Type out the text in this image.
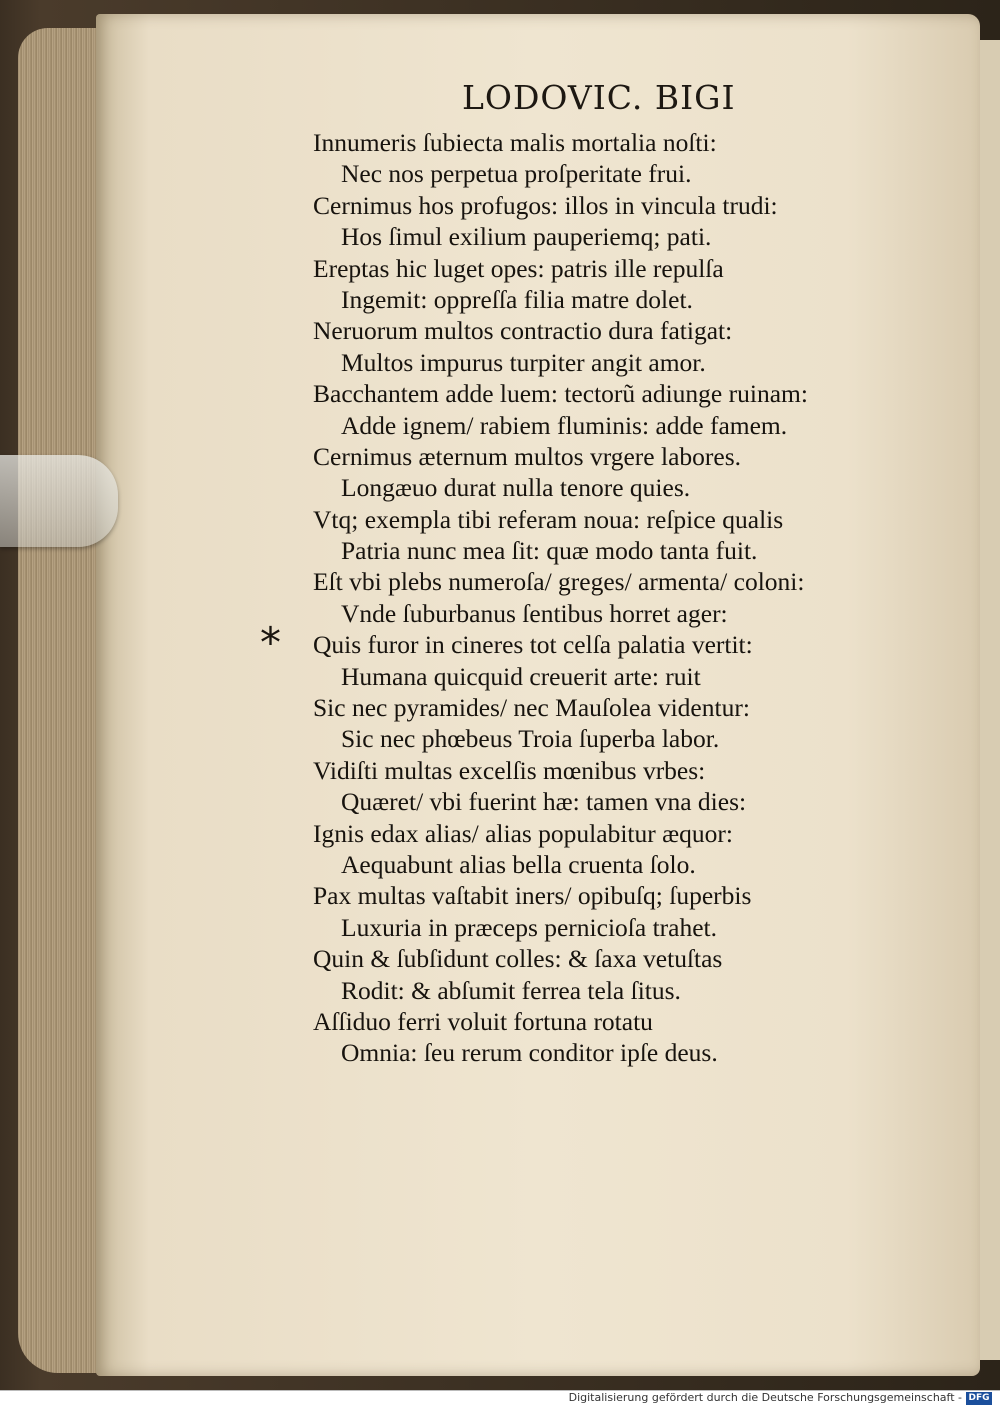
LODOVIC. BIGI
*
Innumeris ſubiecta malis mortalia noſti:
Nec nos perpetua proſperitate frui.
Cernimus hos profugos: illos in vincula trudi:
Hos ſimul exilium pauperiemq; pati.
Ereptas hic luget opes: patris ille repulſa
Ingemit: oppreſſa filia matre dolet.
Neruorum multos contractio dura fatigat:
Multos impurus turpiter angit amor.
Bacchantem adde luem: tectorũ adiunge ruinam:
Adde ignem/ rabiem fluminis: adde famem.
Cernimus æternum multos vrgere labores.
Longæuo durat nulla tenore quies.
Vtq; exempla tibi referam noua: reſpice qualis
Patria nunc mea ſit: quæ modo tanta fuit.
Eſt vbi plebs numeroſa/ greges/ armenta/ coloni:
Vnde ſuburbanus ſentibus horret ager:
Quis furor in cineres tot celſa palatia vertit:
Humana quicquid creuerit arte: ruit
Sic nec pyramides/ nec Mauſolea videntur:
Sic nec phœbeus Troia ſuperba labor.
Vidiſti multas excelſis mœnibus vrbes:
Quæret/ vbi fuerint hæ: tamen vna dies:
Ignis edax alias/ alias populabitur æquor:
Aequabunt alias bella cruenta ſolo.
Pax multas vaſtabit iners/ opibuſq; ſuperbis
Luxuria in præceps pernicioſa trahet.
Quin & ſubſidunt colles: & ſaxa vetuſtas
Rodit: & abſumit ferrea tela ſitus.
Aſſiduo ferri voluit fortuna rotatu
Omnia: ſeu rerum conditor ipſe deus.
Digitalisierung gefördert durch die Deutsche Forschungsgemeinschaft - DFG
